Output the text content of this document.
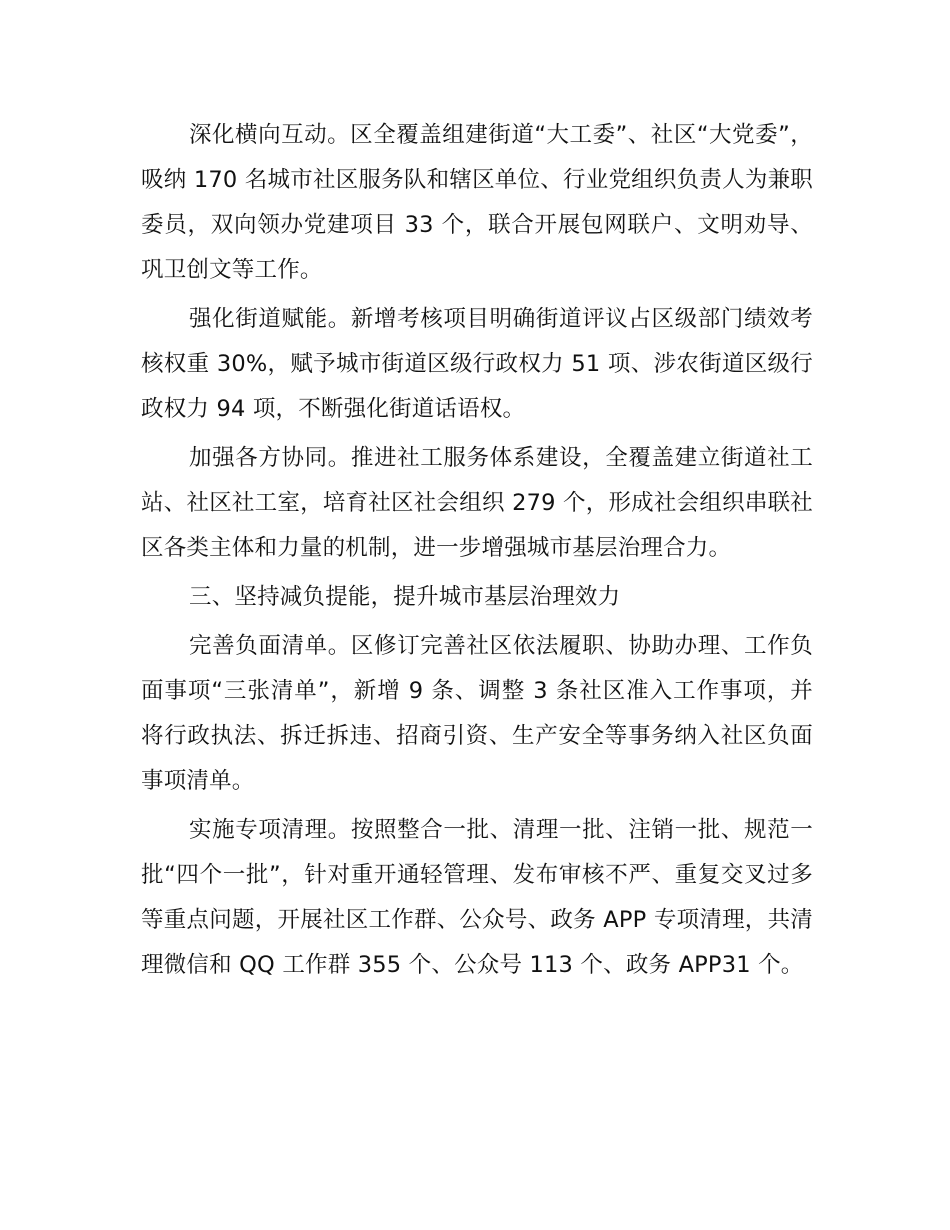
深化横向互动。区全覆盖组建街道“大工委”、社区“大党委”，吸纳 170 名城市社区服务队和辖区单位、行业党组织负责人为兼职委员，双向领办党建项目 33 个，联合开展包网联户、文明劝导、巩卫创文等工作。

强化街道赋能。新增考核项目明确街道评议占区级部门绩效考核权重 30%，赋予城市街道区级行政权力 51 项、涉农街道区级行政权力 94 项，不断强化街道话语权。

加强各方协同。推进社工服务体系建设，全覆盖建立街道社工站、社区社工室，培育社区社会组织 279 个，形成社会组织串联社区各类主体和力量的机制，进一步增强城市基层治理合力。

三、坚持减负提能，提升城市基层治理效力

完善负面清单。区修订完善社区依法履职、协助办理、工作负面事项“三张清单”，新增 9 条、调整 3 条社区准入工作事项，并将行政执法、拆迁拆违、招商引资、生产安全等事务纳入社区负面事项清单。

实施专项清理。按照整合一批、清理一批、注销一批、规范一批“四个一批”，针对重开通轻管理、发布审核不严、重复交叉过多等重点问题，开展社区工作群、公众号、政务 APP 专项清理，共清理微信和 QQ 工作群 355 个、公众号 113 个、政务 APP31 个。
